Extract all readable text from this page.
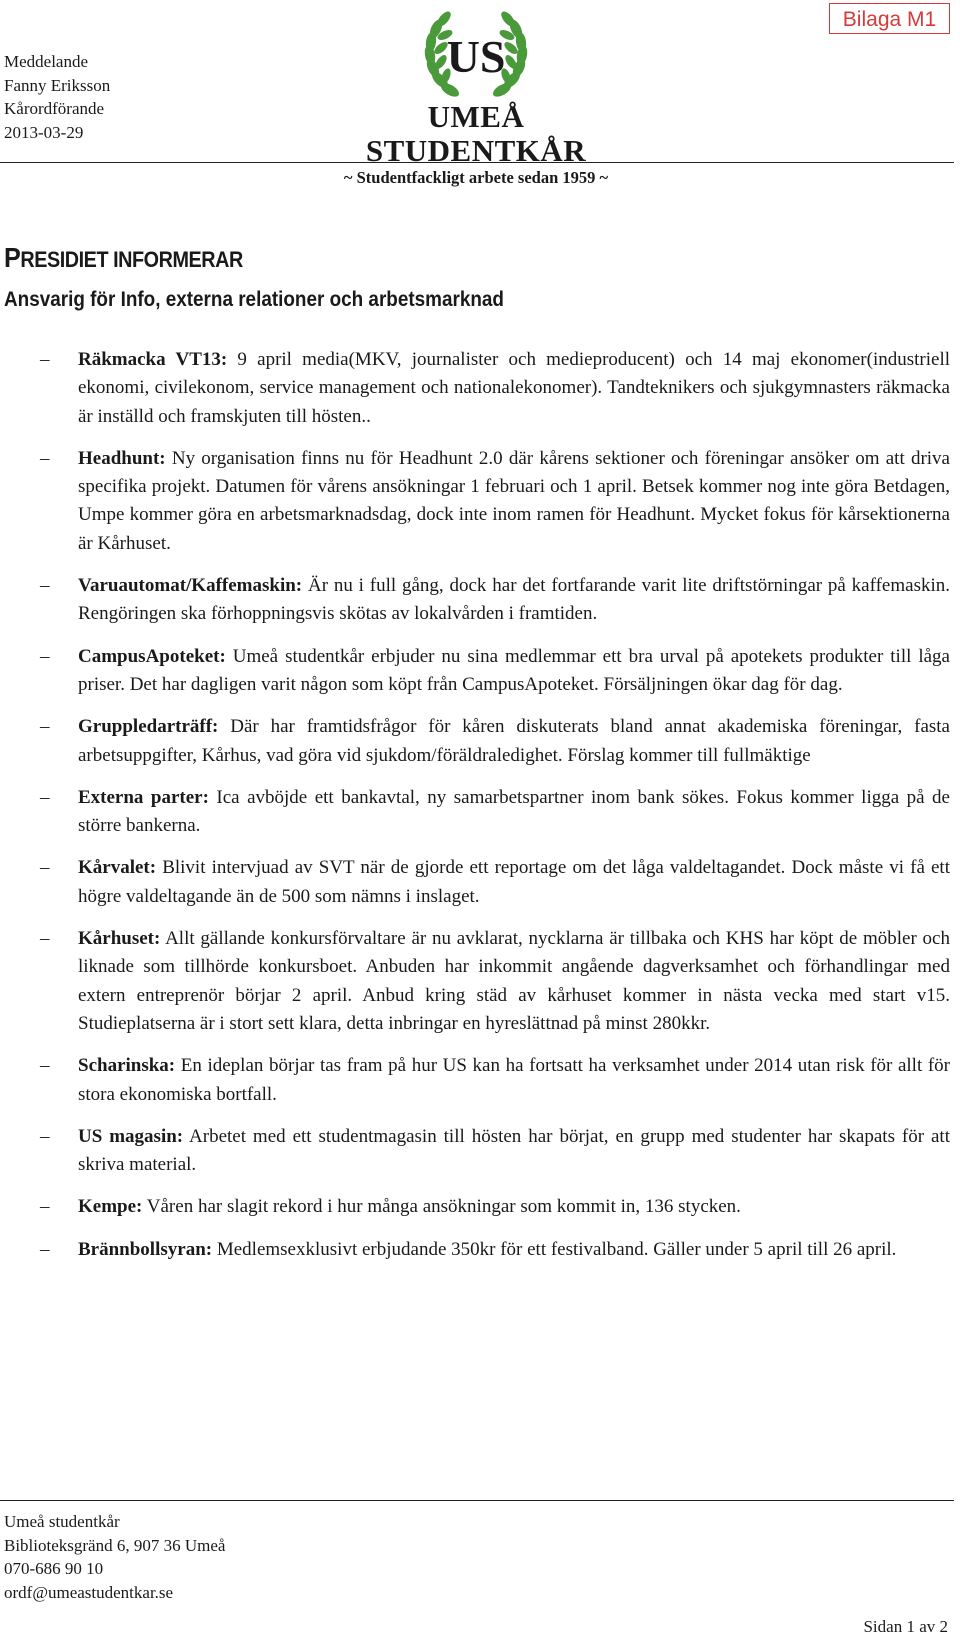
Meddelande
Fanny Eriksson
Kårordförande
2013-03-29
US
UMEÅ STUDENTKÅR
~ Studentfackligt arbete sedan 1959 ~
Bilaga M1
PRESIDIET INFORMERAR
Ansvarig för Info, externa relationer och arbetsmarknad
– Räkmacka VT13: 9 april media(MKV, journalister och medieproducent) och 14 maj ekonomer(industriell ekonomi, civilekonom, service management och nationalekonomer). Tandteknikers och sjukgymnasters räkmacka är inställd och framskjuten till hösten..
– Headhunt: Ny organisation finns nu för Headhunt 2.0 där kårens sektioner och föreningar ansöker om att driva specifika projekt. Datumen för vårens ansökningar 1 februari och 1 april. Betsek kommer nog inte göra Betdagen, Umpe kommer göra en arbetsmarknadsdag, dock inte inom ramen för Headhunt. Mycket fokus för kårsektionerna är Kårhuset.
– Varuautomat/Kaffemaskin: Är nu i full gång, dock har det fortfarande varit lite driftstörningar på kaffemaskin. Rengöringen ska förhoppningsvis skötas av lokalvården i framtiden.
– CampusApoteket: Umeå studentkår erbjuder nu sina medlemmar ett bra urval på apotekets produkter till låga priser. Det har dagligen varit någon som köpt från CampusApoteket. Försäljningen ökar dag för dag.
– Gruppledarträff: Där har framtidsfrågor för kåren diskuterats bland annat akademiska föreningar, fasta arbetsuppgifter, Kårhus, vad göra vid sjukdom/föräldraledighet. Förslag kommer till fullmäktige
– Externa parter: Ica avböjde ett bankavtal, ny samarbetspartner inom bank sökes. Fokus kommer ligga på de större bankerna.
– Kårvalet: Blivit intervjuad av SVT när de gjorde ett reportage om det låga valdeltagandet. Dock måste vi få ett högre valdeltagande än de 500 som nämns i inslaget.
– Kårhuset: Allt gällande konkursförvaltare är nu avklarat, nycklarna är tillbaka och KHS har köpt de möbler och liknade som tillhörde konkursboet. Anbuden har inkommit angående dagverksamhet och förhandlingar med extern entreprenör börjar 2 april. Anbud kring städ av kårhuset kommer in nästa vecka med start v15. Studieplatserna är i stort sett klara, detta inbringar en hyreslättnad på minst 280kkr.
– Scharinska: En ideplan börjar tas fram på hur US kan ha fortsatt ha verksamhet under 2014 utan risk för allt för stora ekonomiska bortfall.
– US magasin: Arbetet med ett studentmagasin till hösten har börjat, en grupp med studenter har skapats för att skriva material.
– Kempe: Våren har slagit rekord i hur många ansökningar som kommit in, 136 stycken.
– Brännbollsyran: Medlemsexklusivt erbjudande 350kr för ett festivalband. Gäller under 5 april till 26 april.
Umeå studentkår
Biblioteksgränd 6, 907 36 Umeå
070-686 90 10
ordf@umeastudentkar.se
Sidan 1 av 2
